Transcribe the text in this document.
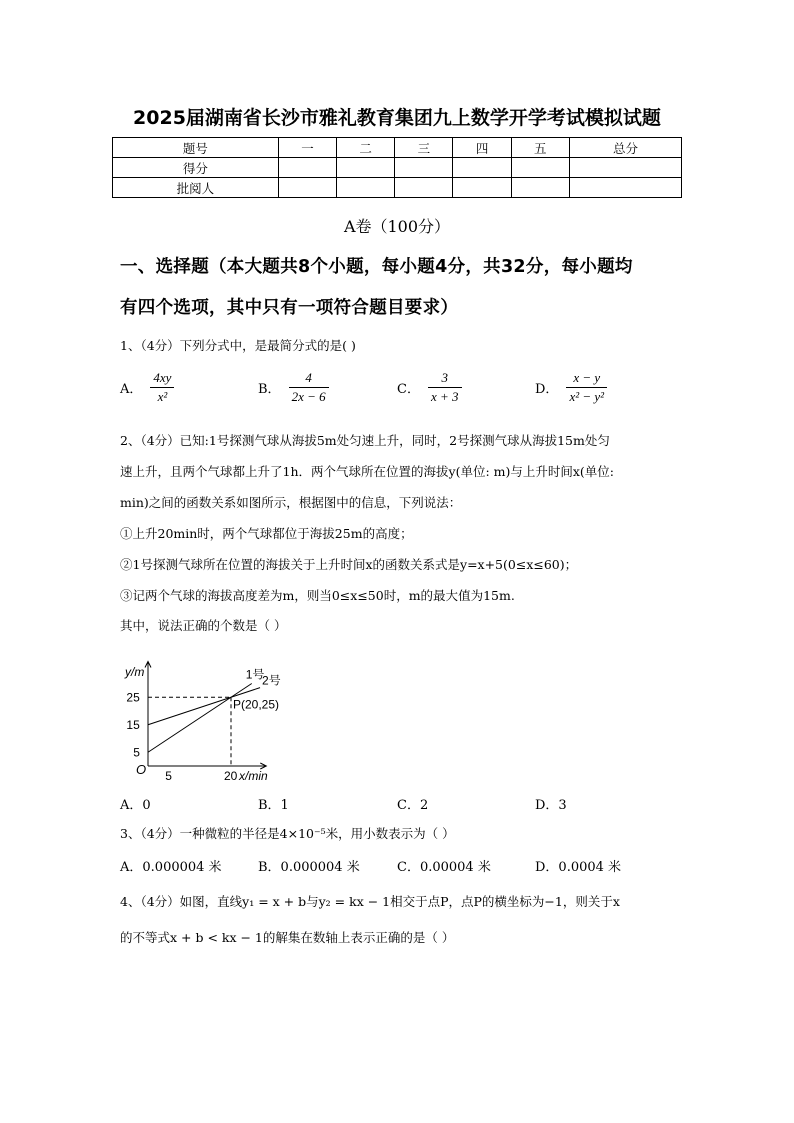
2025届湖南省长沙市雅礼教育集团九上数学开学考试模拟试题
题号	一	二	三	四	五	总分
得分						
批阅人						
A卷（100分）
一、选择题（本大题共8个小题，每小题4分，共32分，每小题均
有四个选项，其中只有一项符合题目要求）
1、（4分）下列分式中，是最简分式的是( )
A． $\frac{4xy}{\text{x²}}$	B． $\frac{4}{2x - 6}$	C． $\frac{3}{x + 3}$	D． $\frac{x - y}{\text{x² − y²}}$
2、（4分）已知:1号探测气球从海拔5m处匀速上升，同时，2号探测气球从海拔15m处匀
速上升，且两个气球都上升了1h．两个气球所在位置的海拔y(单位: m)与上升时间x(单位:
min)之间的函数关系如图所示，根据图中的信息，下列说法：
①上升20min时，两个气球都位于海拔25m的高度；
②1号探测气球所在位置的海拔关于上升时间x的函数关系式是y=x+5(0≤x≤60)；
③记两个气球的海拔高度差为m，则当0≤x≤50时，m的最大值为15m.
其中，说法正确的个数是（ ）
x/min
y/m
O 5	20
5
15
25
1号
2号
P(20,25)
A．0	B．1	C．2	D．3
3、（4分）一种微粒的半径是4×10⁻⁵米，用小数表示为（ ）
A．0.000004 米	B．0.000004 米	C．0.00004 米	D．0.0004 米
4、（4分）如图，直线y₁ = x + b与y₂ = kx − 1相交于点P，点P的横坐标为−1，则关于x
的不等式x + b < kx − 1的解集在数轴上表示正确的是（ ）
